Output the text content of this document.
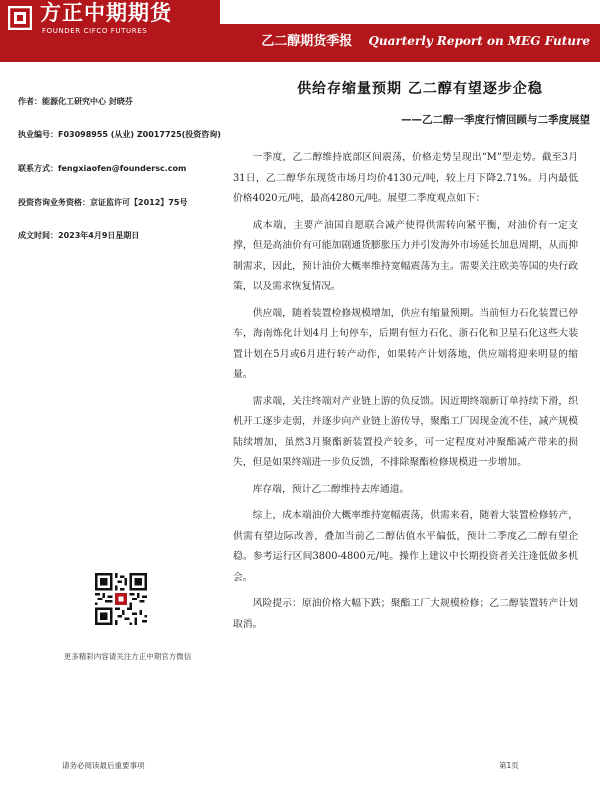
方正中期期货
FOUNDER CIFCO FUTURES
乙二醇期货季报 Quarterly Report on MEG Future
作者：能源化工研究中心 封晓芬
执业编号：F03098955 (从业) Z0017725(投资咨询)
联系方式：fengxiaofen@foundersc.com
投资咨询业务资格：京证监许可【2012】75号
成文时间：2023年4月9日星期日
更多精彩内容请关注方正中期官方微信
供给存缩量预期 乙二醇有望逐步企稳
——乙二醇一季度行情回顾与二季度展望

一季度，乙二醇维持底部区间震荡，价格走势呈现出“M”型走势。截至3月31日，乙二醇华东现货市场月均价4130元/吨，较上月下降2.71%。月内最低价格4020元/吨，最高4280元/吨。展望二季度观点如下：

成本端，主要产油国自愿联合减产使得供需转向紧平衡，对油价有一定支撑，但是高油价有可能加剧通货膨胀压力并引发海外市场延长加息周期，从而抑制需求，因此，预计油价大概率维持宽幅震荡为主。需要关注欧美等国的央行政策，以及需求恢复情况。

供应端，随着装置检修规模增加，供应有缩量预期。当前恒力石化装置已停车，海南炼化计划4月上旬停车，后期有恒力石化、浙石化和卫星石化这些大装置计划在5月或6月进行转产动作，如果转产计划落地，供应端将迎来明显的缩量。

需求端，关注终端对产业链上游的负反馈。因近期终端新订单持续下滑，织机开工逐步走弱，并逐步向产业链上游传导，聚酯工厂因现金流不佳，减产规模陆续增加，虽然3月聚酯新装置投产较多，可一定程度对冲聚酯减产带来的损失，但是如果终端进一步负反馈，不排除聚酯检修规模进一步增加。

库存端，预计乙二醇维持去库通道。

综上，成本端油价大概率维持宽幅震荡，供需来看，随着大装置检修转产，供需有望边际改善，叠加当前乙二醇估值水平偏低，预计二季度乙二醇有望企稳。参考运行区间3800-4800元/吨。操作上建议中长期投资者关注逢低做多机会。

风险提示：原油价格大幅下跌；聚酯工厂大规模检修；乙二醇装置转产计划取消。

请务必阅读最后重要事项	第1页
